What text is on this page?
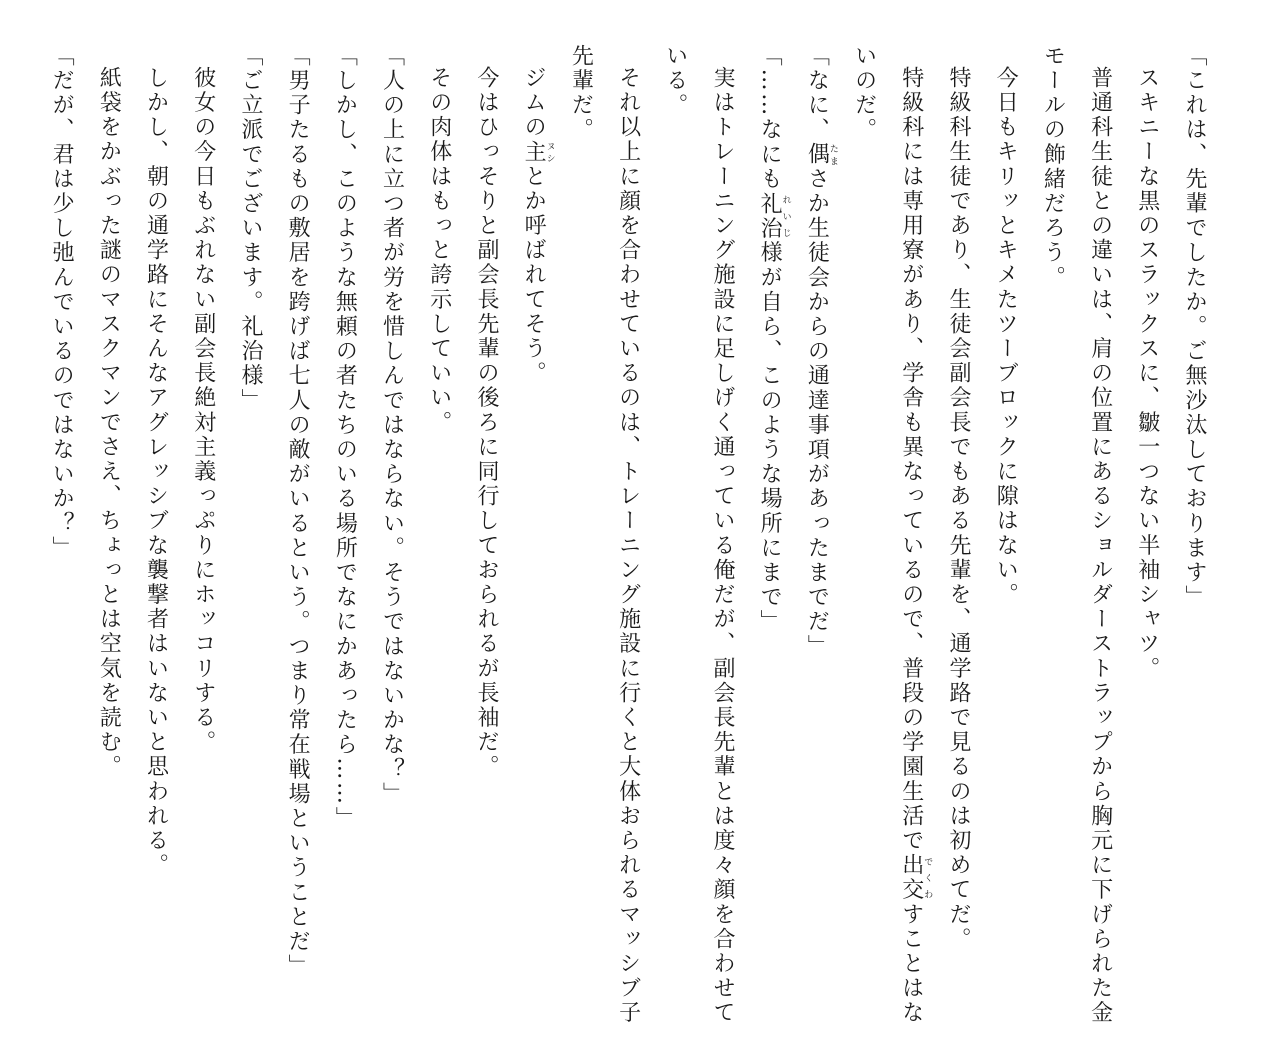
「これは、先輩でしたか。ご無沙汰しております」
スキニーな黒のスラックスに、皺一つない半袖シャツ。
普通科生徒との違いは、肩の位置にあるショルダーストラップから胸元に下げられた金
モールの飾緒だろう。
今日もキリッとキメたツーブロックに隙はない。
特級科生徒であり、生徒会副会長でもある先輩を、通学路で見るのは初めてだ。
特級科には専用寮があり、学舎も異なっているので、普段の学園生活で出交でくわすことはな
いのだ。
「なに、偶たまさか生徒会からの通達事項があったまでだ」
「……なにも礼治れいじ様が自ら、このような場所にまで」
実はトレーニング施設に足しげく通っている俺だが、副会長先輩とは度々顔を合わせて
いる。
それ以上に顔を合わせているのは、トレーニング施設に行くと大体おられるマッシブ子
先輩だ。
ジムの主ヌシとか呼ばれてそう。
今はひっそりと副会長先輩の後ろに同行しておられるが長袖だ。
その肉体はもっと誇示していい。
「人の上に立つ者が労を惜しんではならない。そうではないかな？」
「しかし、このような無頼の者たちのいる場所でなにかあったら……」
「男子たるもの敷居を跨げば七人の敵がいるという。つまり常在戦場ということだ」
「ご立派でございます。礼治様」
彼女の今日もぶれない副会長絶対主義っぷりにホッコリする。
しかし、朝の通学路にそんなアグレッシブな襲撃者はいないと思われる。
紙袋をかぶった謎のマスクマンでさえ、ちょっとは空気を読む。
「だが、君は少し弛んでいるのではないか？」
